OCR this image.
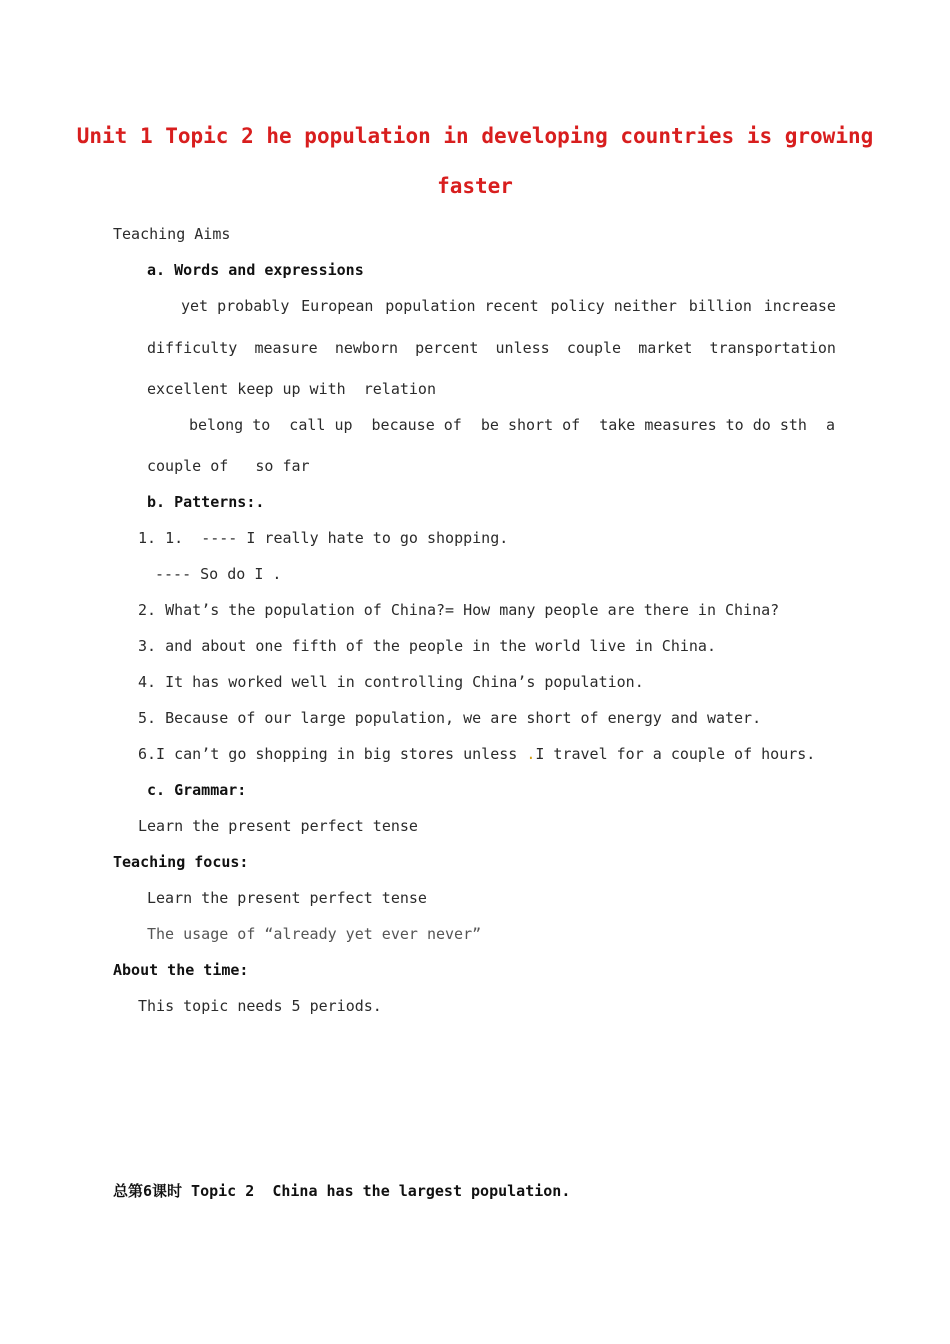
Unit 1 Topic 2 he population in developing countries is growing
faster
Teaching Aims
a. Words and expressions
yet probably European population recent policy neither billion increase
difficulty measure newborn percent unless couple market transportation
excellent keep up with  relation
belong to call up because of be short of take measures to do sth a
couple of   so far
b. Patterns:.
1. 1.  ---- I really hate to go shopping.
---- So do I .
2. What’s the population of China?= How many people are there in China?
3. and about one fifth of the people in the world live in China.
4. It has worked well in controlling China’s population.
5. Because of our large population, we are short of energy and water.
6.I can’t go shopping in big stores unless .I travel for a couple of hours.
c. Grammar:
Learn the present perfect tense
Teaching focus:
Learn the present perfect tense
The usage of “already yet ever never”
About the time:
This topic needs 5 periods.
总第6课时 Topic 2  China has the largest population.
